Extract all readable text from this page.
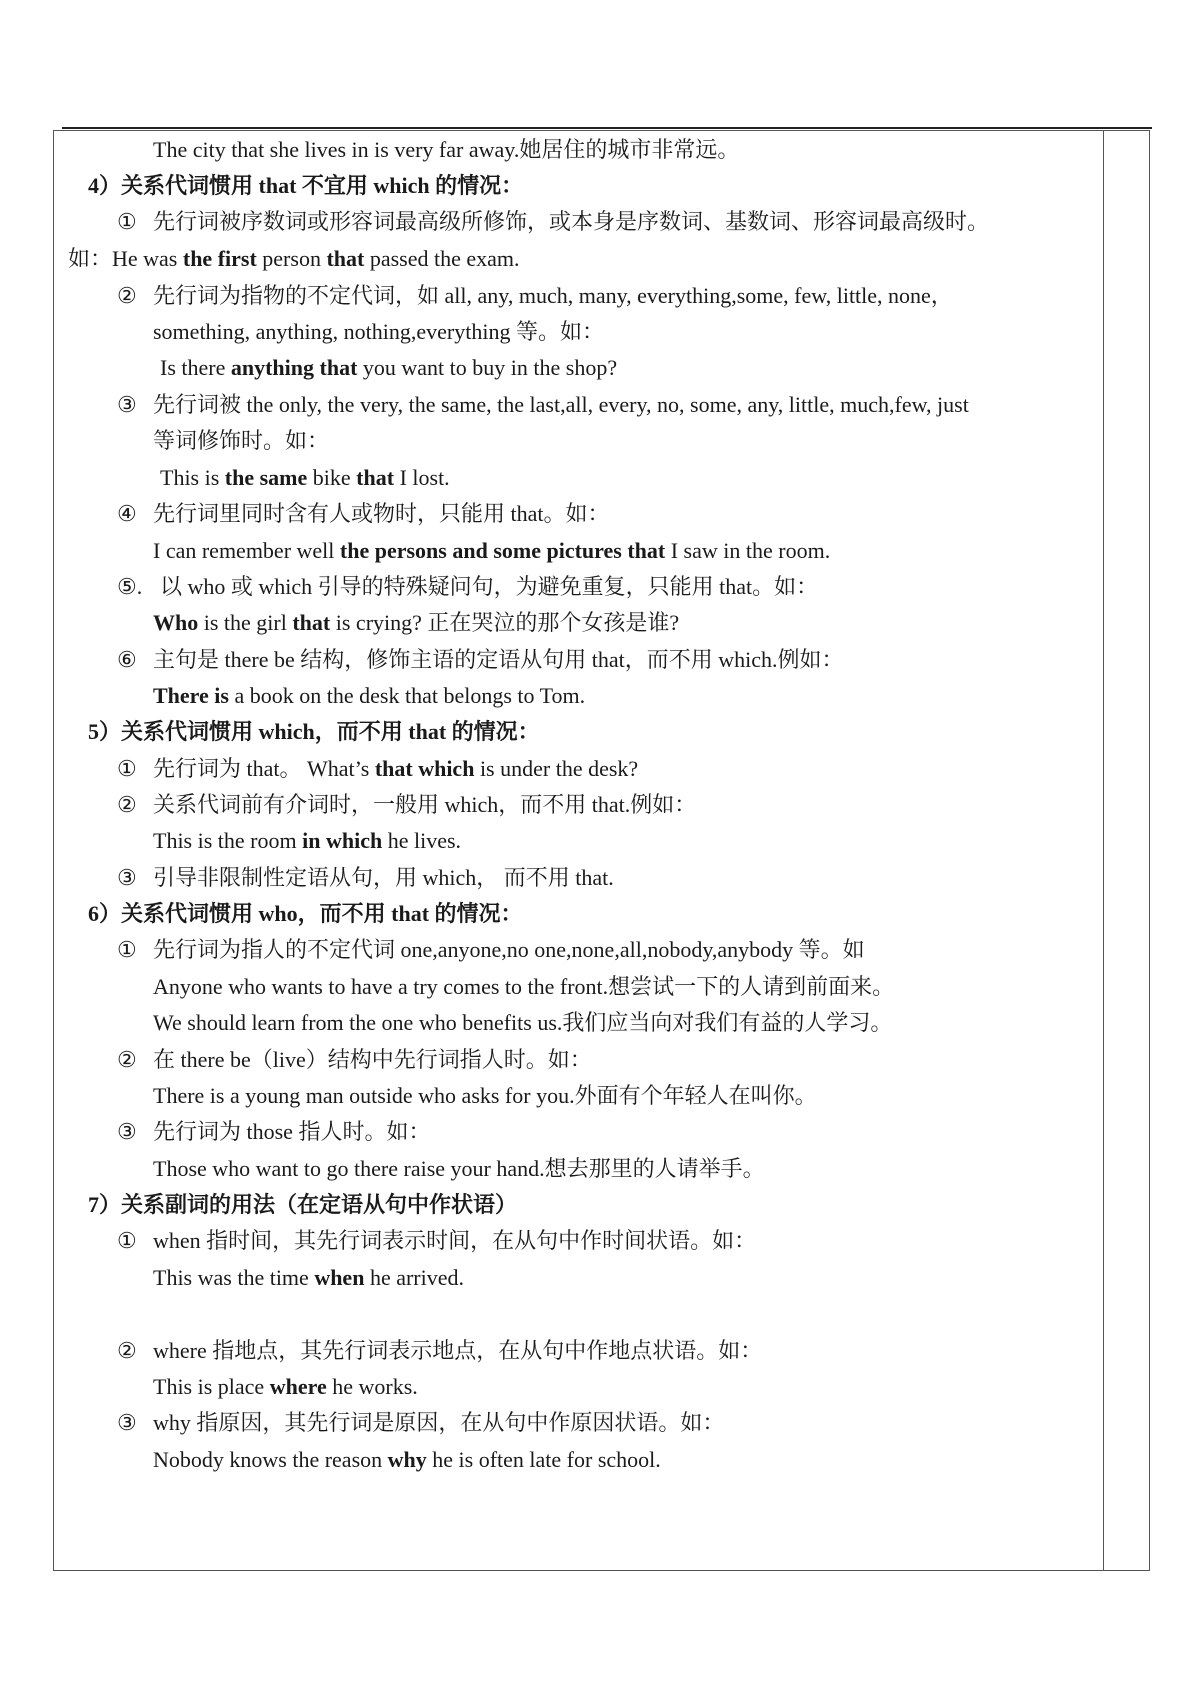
The city that she lives in is very far away.她居住的城市非常远。
4）关系代词惯用 that 不宜用 which 的情况：
① 先行词被序数词或形容词最高级所修饰，或本身是序数词、基数词、形容词最高级时。
如：He was the first person that passed the exam.
② 先行词为指物的不定代词，如 all, any, much, many, everything,some, few, little, none，
something, anything, nothing,everything 等。如：
Is there anything that you want to buy in the shop?
③ 先行词被 the only, the very, the same, the last,all, every, no, some, any, little, much,few, just
等词修饰时。如：
This is the same bike that I lost.
④ 先行词里同时含有人或物时，只能用 that。如：
I can remember well the persons and some pictures that I saw in the room.
⑤. 以 who 或 which 引导的特殊疑问句，为避免重复，只能用 that。如：
Who is the girl that is crying? 正在哭泣的那个女孩是谁?
⑥ 主句是 there be 结构，修饰主语的定语从句用 that，而不用 which.例如：
There is a book on the desk that belongs to Tom.
5）关系代词惯用 which，而不用 that 的情况：
① 先行词为 that。 What’s that which is under the desk?
② 关系代词前有介词时，一般用 which，而不用 that.例如：
This is the room in which he lives.
③ 引导非限制性定语从句，用 which， 而不用 that.
6）关系代词惯用 who，而不用 that 的情况：
① 先行词为指人的不定代词 one,anyone,no one,none,all,nobody,anybody 等。如
Anyone who wants to have a try comes to the front.想尝试一下的人请到前面来。
We should learn from the one who benefits us.我们应当向对我们有益的人学习。
② 在 there be（live）结构中先行词指人时。如：
There is a young man outside who asks for you.外面有个年轻人在叫你。
③ 先行词为 those 指人时。如：
Those who want to go there raise your hand.想去那里的人请举手。
7）关系副词的用法（在定语从句中作状语）
① when 指时间，其先行词表示时间，在从句中作时间状语。如：
This was the time when he arrived.
② where 指地点，其先行词表示地点，在从句中作地点状语。如：
This is place where he works.
③ why 指原因，其先行词是原因，在从句中作原因状语。如：
Nobody knows the reason why he is often late for school.
